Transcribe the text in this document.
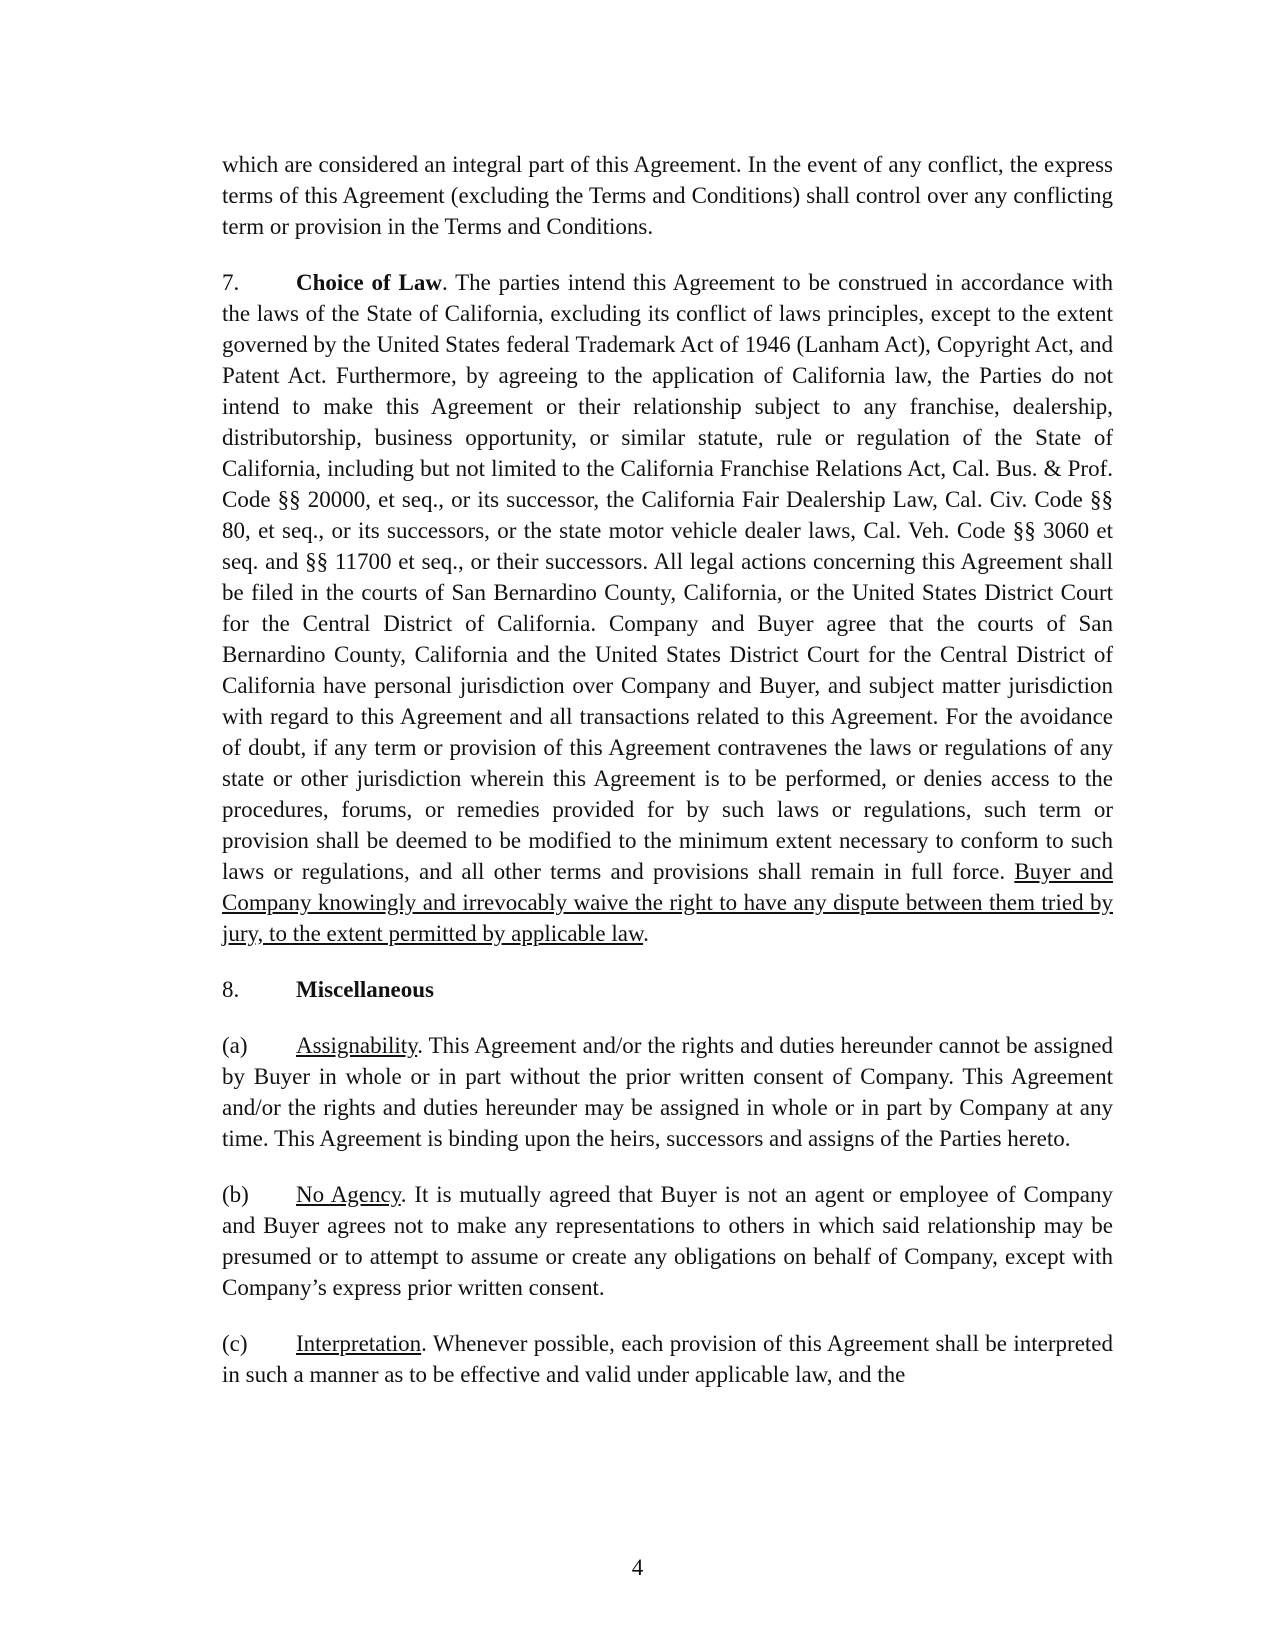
which are considered an integral part of this Agreement. In the event of any conflict, the express terms of this Agreement (excluding the Terms and Conditions) shall control over any conflicting term or provision in the Terms and Conditions.

7. Choice of Law. The parties intend this Agreement to be construed in accordance with the laws of the State of California, excluding its conflict of laws principles, except to the extent governed by the United States federal Trademark Act of 1946 (Lanham Act), Copyright Act, and Patent Act. Furthermore, by agreeing to the application of California law, the Parties do not intend to make this Agreement or their relationship subject to any franchise, dealership, distributorship, business opportunity, or similar statute, rule or regulation of the State of California, including but not limited to the California Franchise Relations Act, Cal. Bus. & Prof. Code §§ 20000, et seq., or its successor, the California Fair Dealership Law, Cal. Civ. Code §§ 80, et seq., or its successors, or the state motor vehicle dealer laws, Cal. Veh. Code §§ 3060 et seq. and §§ 11700 et seq., or their successors. All legal actions concerning this Agreement shall be filed in the courts of San Bernardino County, California, or the United States District Court for the Central District of California. Company and Buyer agree that the courts of San Bernardino County, California and the United States District Court for the Central District of California have personal jurisdiction over Company and Buyer, and subject matter jurisdiction with regard to this Agreement and all transactions related to this Agreement. For the avoidance of doubt, if any term or provision of this Agreement contravenes the laws or regulations of any state or other jurisdiction wherein this Agreement is to be performed, or denies access to the procedures, forums, or remedies provided for by such laws or regulations, such term or provision shall be deemed to be modified to the minimum extent necessary to conform to such laws or regulations, and all other terms and provisions shall remain in full force. Buyer and Company knowingly and irrevocably waive the right to have any dispute between them tried by jury, to the extent permitted by applicable law.

8. Miscellaneous

(a) Assignability. This Agreement and/or the rights and duties hereunder cannot be assigned by Buyer in whole or in part without the prior written consent of Company. This Agreement and/or the rights and duties hereunder may be assigned in whole or in part by Company at any time. This Agreement is binding upon the heirs, successors and assigns of the Parties hereto.

(b) No Agency. It is mutually agreed that Buyer is not an agent or employee of Company and Buyer agrees not to make any representations to others in which said relationship may be presumed or to attempt to assume or create any obligations on behalf of Company, except with Company’s express prior written consent.

(c) Interpretation. Whenever possible, each provision of this Agreement shall be interpreted in such a manner as to be effective and valid under applicable law, and the

4
